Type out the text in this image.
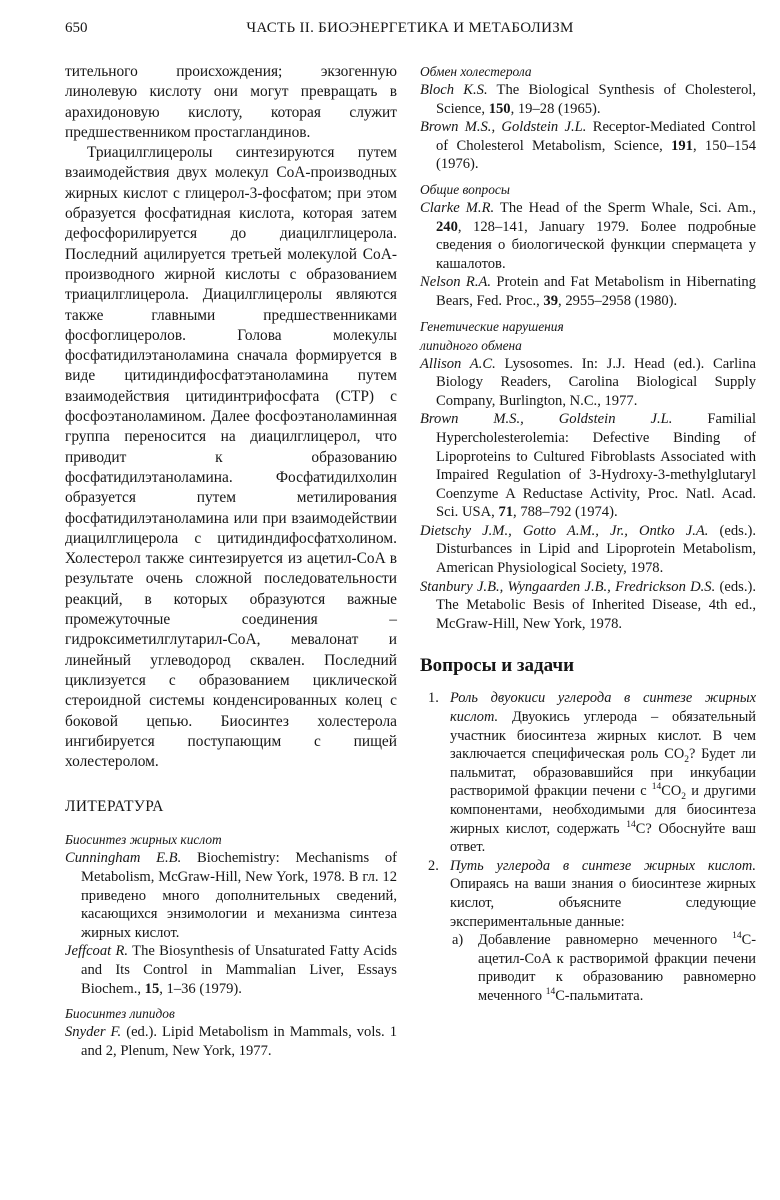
650	ЧАСТЬ II. БИОЭНЕРГЕТИКА И МЕТАБОЛИЗМ

тительного происхождения; экзогенную линолевую кислоту они могут превращать в арахидоновую кислоту, которая служит предшественником простагландинов.

Триацилглицеролы синтезируются путем взаимодействия двух молекул CoA-производных жирных кислот с глицерол-3-фосфатом; при этом образуется фосфатидная кислота, которая затем дефосфорилируется до диацилглицерола. Последний ацилируется третьей молекулой CoA-производного жирной кислоты с образованием триацилглицерола. Диацилглицеролы являются также главными предшественниками фосфоглицеролов. Голова молекулы фосфатидилэтаноламина сначала формируется в виде цитидиндифосфатэтаноламина путем взаимодействия цитидинтрифосфата (CTP) с фосфоэтаноламином. Далее фосфоэтаноламинная группа переносится на диацилглицерол, что приводит к образованию фосфатидилэтаноламина. Фосфатидилхолин образуется путем метилирования фосфатидилэтаноламина или при взаимодействии диацилглицерола с цитидиндифосфатхолином. Холестерол также синтезируется из ацетил-CoA в результате очень сложной последовательности реакций, в которых образуются важные промежуточные соединения – гидроксиметилглутарил-CoA, мевалонат и линейный углеводород сквален. Последний циклизуется с образованием циклической стероидной системы конденсированных колец с боковой цепью. Биосинтез холестерола ингибируется поступающим с пищей холестеролом.

ЛИТЕРАТУРА
Биосинтез жирных кислот
Cunningham E.B. Biochemistry: Mechanisms of Metabolism, McGraw-Hill, New York, 1978. В гл. 12 приведено много дополнительных сведений, касающихся энзимологии и механизма синтеза жирных кислот.
Jeffcoat R. The Biosynthesis of Unsaturated Fatty Acids and Its Control in Mammalian Liver, Essays Biochem., 15, 1–36 (1979).
Биосинтез липидов
Snyder F. (ed.). Lipid Metabolism in Mammals, vols. 1 and 2, Plenum, New York, 1977.
Обмен холестерола
Bloch K.S. The Biological Synthesis of Cholesterol, Science, 150, 19–28 (1965).
Brown M.S., Goldstein J.L. Receptor-Mediated Control of Cholesterol Metabolism, Science, 191, 150–154 (1976).
Общие вопросы
Clarke M.R. The Head of the Sperm Whale, Sci. Am., 240, 128–141, January 1979. Более подробные сведения о биологической функции спермацета у кашалотов.
Nelson R.A. Protein and Fat Metabolism in Hibernating Bears, Fed. Proc., 39, 2955–2958 (1980).
Генетические нарушения
липидного обмена
Allison A.C. Lysosomes. In: J.J. Head (ed.). Carlina Biology Readers, Carolina Biological Supply Company, Burlington, N.C., 1977.
Brown M.S., Goldstein J.L. Familial Hypercholesterolemia: Defective Binding of Lipoproteins to Cultured Fibroblasts Associated with Impaired Regulation of 3-Hydroxy-3-methylglutaryl Coenzyme A Reductase Activity, Proc. Natl. Acad. Sci. USA, 71, 788–792 (1974).
Dietschy J.M., Gotto A.M., Jr., Ontko J.A. (eds.). Disturbances in Lipid and Lipoprotein Metabolism, American Physiological Society, 1978.
Stanbury J.B., Wyngaarden J.B., Fredrickson D.S. (eds.). The Metabolic Besis of Inherited Disease, 4th ed., McGraw-Hill, New York, 1978.
Вопросы и задачи
1. Роль двуокиси углерода в синтезе жирных кислот. Двуокись углерода – обязательный участник биосинтеза жирных кислот. В чем заключается специфическая роль $CO_2$? Будет ли пальмитат, образовавшийся при инкубации растворимой фракции печени с $^{14}CO_2$ и другими компонентами, необходимыми для биосинтеза жирных кислот, содержать $^{14}$C? Обоснуйте ваш ответ.
2. Путь углерода в синтезе жирных кислот. Опираясь на ваши знания о биосинтезе жирных кислот, объясните следующие экспериментальные данные:
а) Добавление равномерно меченного $^{14}$C-ацетил-CoA к растворимой фракции печени приводит к образованию равномерно меченного $^{14}$C-пальмитата.
